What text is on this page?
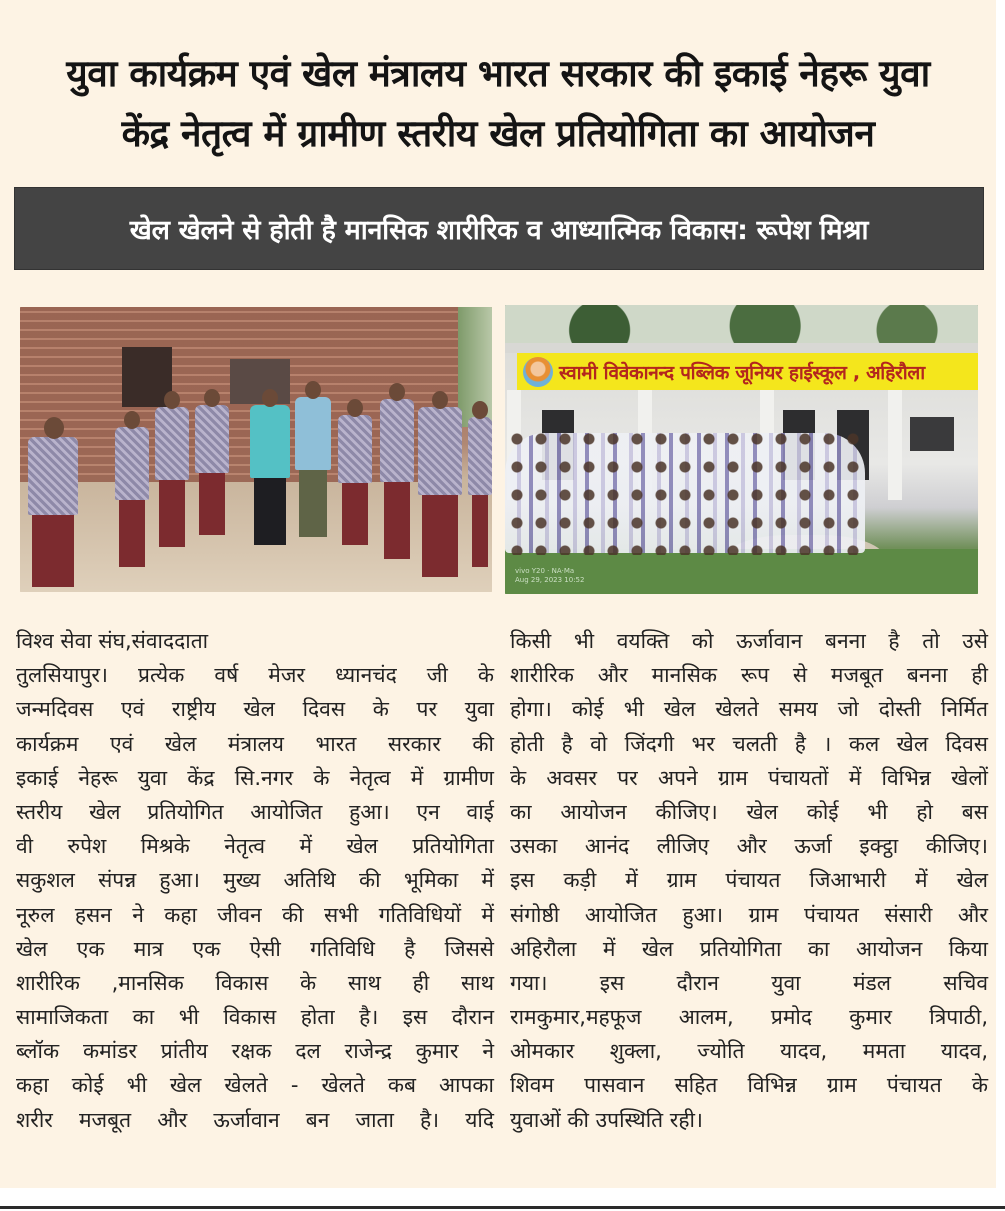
युवा कार्यक्रम एवं खेल मंत्रालय भारत सरकार की इकाई नेहरू युवा
केंद्र नेतृत्व में ग्रामीण स्तरीय खेल प्रतियोगिता का आयोजन
खेल खेलने से होती है मानसिक शारीरिक व आध्यात्मिक विकास: रूपेश मिश्रा
स्वामी विवेकानन्द पब्लिक जूनियर हाईस्कूल , अहिरौला
vivo Y20 · NA·Ma
Aug 29, 2023 10:52
विश्व सेवा संघ,संवाददाता
तुलसियापुर। प्रत्येक वर्ष मेजर ध्यानचंद जी के
जन्मदिवस एवं राष्ट्रीय खेल दिवस के पर युवा
कार्यक्रम एवं खेल मंत्रालय भारत सरकार की
इकाई नेहरू युवा केंद्र सि.नगर के नेतृत्व में ग्रामीण
स्तरीय खेल प्रतियोगित आयोजित हुआ। एन वाई
वी रुपेश मिश्रके नेतृत्व में खेल प्रतियोगिता
सकुशल संपन्न हुआ। मुख्य अतिथि की भूमिका में
नूरुल हसन ने कहा जीवन की सभी गतिविधियों में
खेल एक मात्र एक ऐसी गतिविधि है जिससे
शारीरिक ,मानसिक विकास के साथ ही साथ
सामाजिकता का भी विकास होता है। इस दौरान
ब्लॉक कमांडर प्रांतीय रक्षक दल राजेन्द्र कुमार ने
कहा कोई भी खेल खेलते - खेलते कब आपका
शरीर मजबूत और ऊर्जावान बन जाता है। यदि
किसी भी वयक्ति को ऊर्जावान बनना है तो उसे
शारीरिक और मानसिक रूप से मजबूत बनना ही
होगा। कोई भी खेल खेलते समय जो दोस्ती निर्मित
होती है वो जिंदगी भर चलती है । कल खेल दिवस
के अवसर पर अपने ग्राम पंचायतों में विभिन्न खेलों
का आयोजन कीजिए। खेल कोई भी हो बस
उसका आनंद लीजिए और ऊर्जा इक्ट्ठा कीजिए।
इस कड़ी में ग्राम पंचायत जिआभारी में खेल
संगोष्ठी आयोजित हुआ। ग्राम पंचायत संसारी और
अहिरौला में खेल प्रतियोगिता का आयोजन किया
गया। इस दौरान युवा मंडल सचिव
रामकुमार,महफूज आलम, प्रमोद कुमार त्रिपाठी,
ओमकार शुक्ला, ज्योति यादव, ममता यादव,
शिवम पासवान सहित विभिन्न ग्राम पंचायत के
युवाओं की उपस्थिति रही।
